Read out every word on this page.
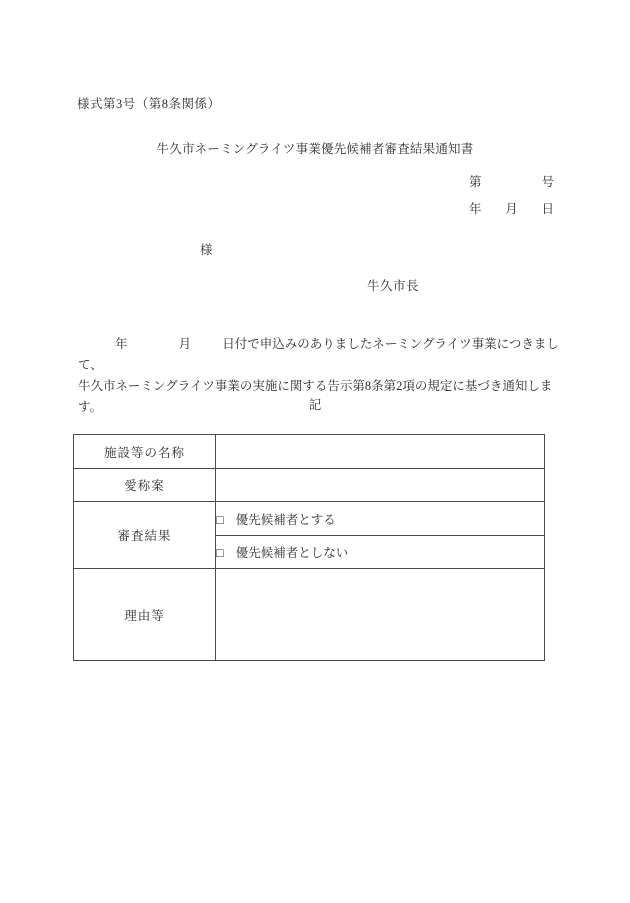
様式第3号（第8条関係）
牛久市ネーミングライツ事業優先候補者審査結果通知書
第	号
年 月 日
様
牛久市長
年	月 日付で申込みのありましたネーミングライツ事業につきまして、
牛久市ネーミングライツ事業の実施に関する告示第8条第2項の規定に基づき通知します。	記
施設等の名称	
愛称案	
審査結果	□ 優先候補者とする
	□ 優先候補者としない
理由等	
